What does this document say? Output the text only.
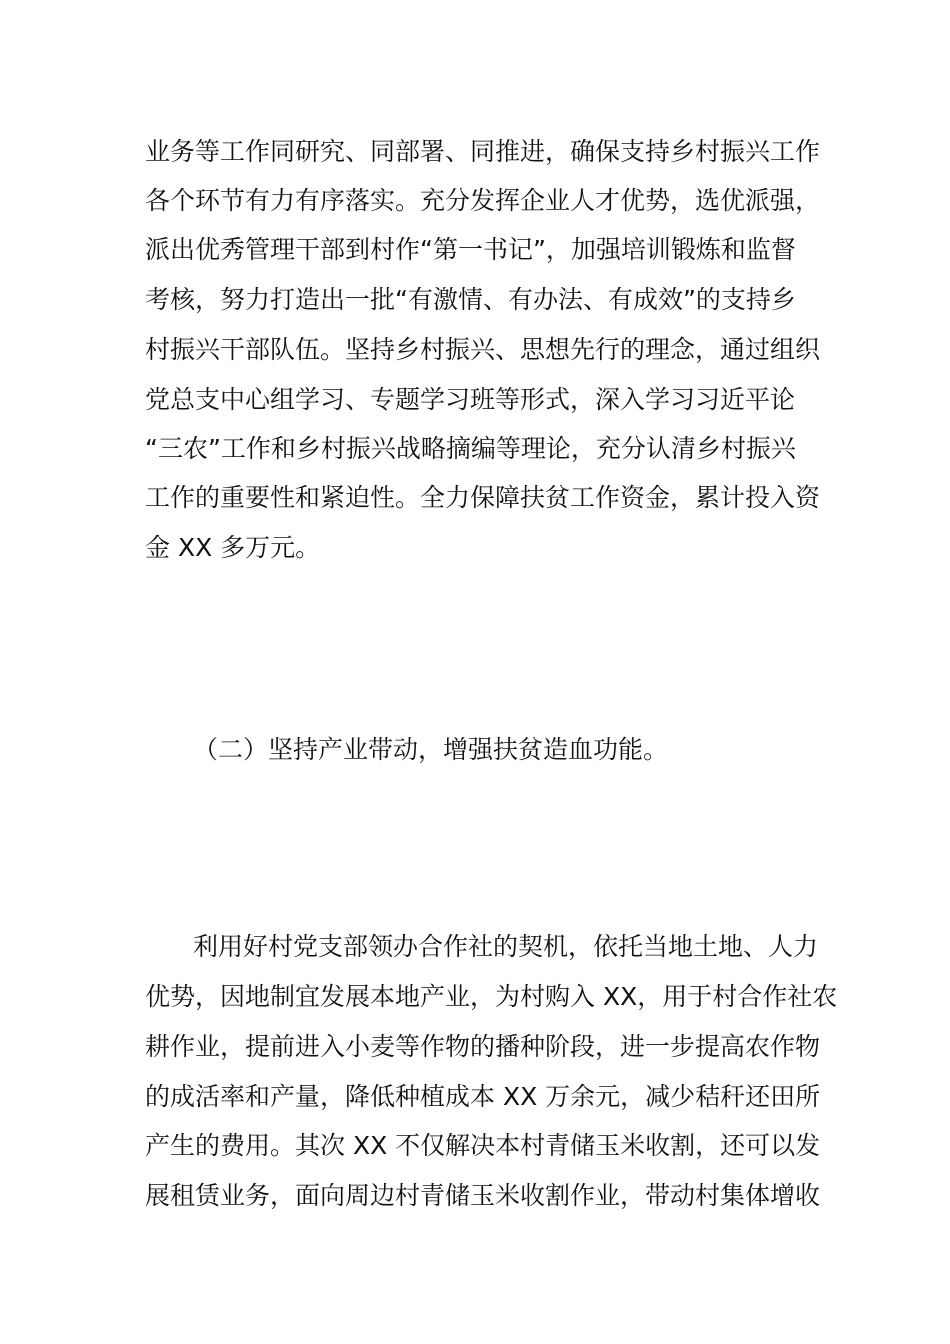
业务等工作同研究、同部署、同推进，确保支持乡村振兴工作
各个环节有力有序落实。充分发挥企业人才优势，选优派强，
派出优秀管理干部到村作“第一书记”，加强培训锻炼和监督
考核，努力打造出一批“有激情、有办法、有成效”的支持乡
村振兴干部队伍。坚持乡村振兴、思想先行的理念，通过组织
党总支中心组学习、专题学习班等形式，深入学习习近平论
“三农”工作和乡村振兴战略摘编等理论，充分认清乡村振兴
工作的重要性和紧迫性。全力保障扶贫工作资金，累计投入资
金 XX 多万元。
（二）坚持产业带动，增强扶贫造血功能。
利用好村党支部领办合作社的契机，依托当地土地、人力
优势，因地制宜发展本地产业，为村购入 XX，用于村合作社农
耕作业，提前进入小麦等作物的播种阶段，进一步提高农作物
的成活率和产量，降低种植成本 XX 万余元，减少秸秆还田所
产生的费用。其次 XX 不仅解决本村青储玉米收割，还可以发
展租赁业务，面向周边村青储玉米收割作业，带动村集体增收
